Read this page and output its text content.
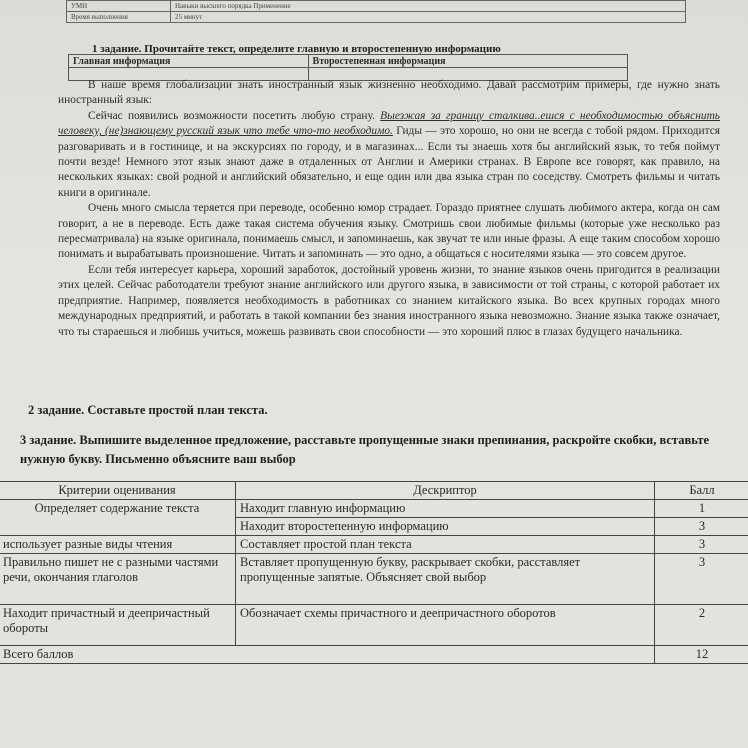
УМН	Навыки высшего порядка Применение
Время выполнения	25 минут
1 задание. Прочитайте текст, определите главную и второстепенную информацию
Главная информация	Второстепенная информация

В наше время глобализации знать иностранный язык жизненно необходимо. Давай рассмотрим примеры, где нужно знать иностранный язык:

Сейчас появились возможности посетить любую страну. Выезжая за границу сталкива..ешся с необходимостью объяснить человеку, (не)знающему русский язык что тебе что-то необходимо. Гиды — это хорошо, но они не всегда с тобой рядом. Приходится разговаривать и в гостинице, и на экскурсиях по городу, и в магазинах... Если ты знаешь хотя бы английский язык, то тебя поймут почти везде! Немного этот язык знают даже в отдаленных от Англии и Америки странах. В Европе все говорят, как правило, на нескольких языках: свой родной и английский обязательно, и еще один или два языка стран по соседству. Смотреть фильмы и читать книги в оригинале.

Очень много смысла теряется при переводе, особенно юмор страдает. Гораздо приятнее слушать любимого актера, когда он сам говорит, а не в переводе. Есть даже такая система обучения языку. Смотришь свои любимые фильмы (которые уже несколько раз пересматривала) на языке оригинала, понимаешь смысл, и запоминаешь, как звучат те или иные фразы. А еще таким способом хорошо понимать и вырабатывать произношение. Читать и запоминать — это одно, а общаться с носителями языка — это совсем другое.

Если тебя интересует карьера, хороший заработок, достойный уровень жизни, то знание языков очень пригодится в реализации этих целей. Сейчас работодатели требуют знание английского или другого языка, в зависимости от той страны, с которой работает их предприятие. Например, появляется необходимость в работниках со знанием китайского языка. Во всех крупных городах много международных предприятий, и работать в такой компании без знания иностранного языка невозможно. Знание языка также означает, что ты стараешься и любишь учиться, можешь развивать свои способности — это хороший плюс в глазах будущего начальника.

2 задание. Составьте простой план текста.
3 задание. Выпишите выделенное предложение, расставьте пропущенные знаки препинания, раскройте скобки, вставьте нужную букву. Письменно объясните ваш выбор
Критерии оценивания	Дескриптор	Балл
Определяет содержание текста	Находит главную информацию	1
	Находит второстепенную информацию	3
использует разные виды чтения	Составляет простой план текста	3
Правильно пишет не с разными частями речи, окончания глаголов	Вставляет пропущенную букву, раскрывает скобки, расставляет пропущенные запятые. Объясняет свой выбор	3
Находит причастный и деепричастный обороты	Обозначает схемы причастного и деепричастного оборотов	2
Всего баллов		12
